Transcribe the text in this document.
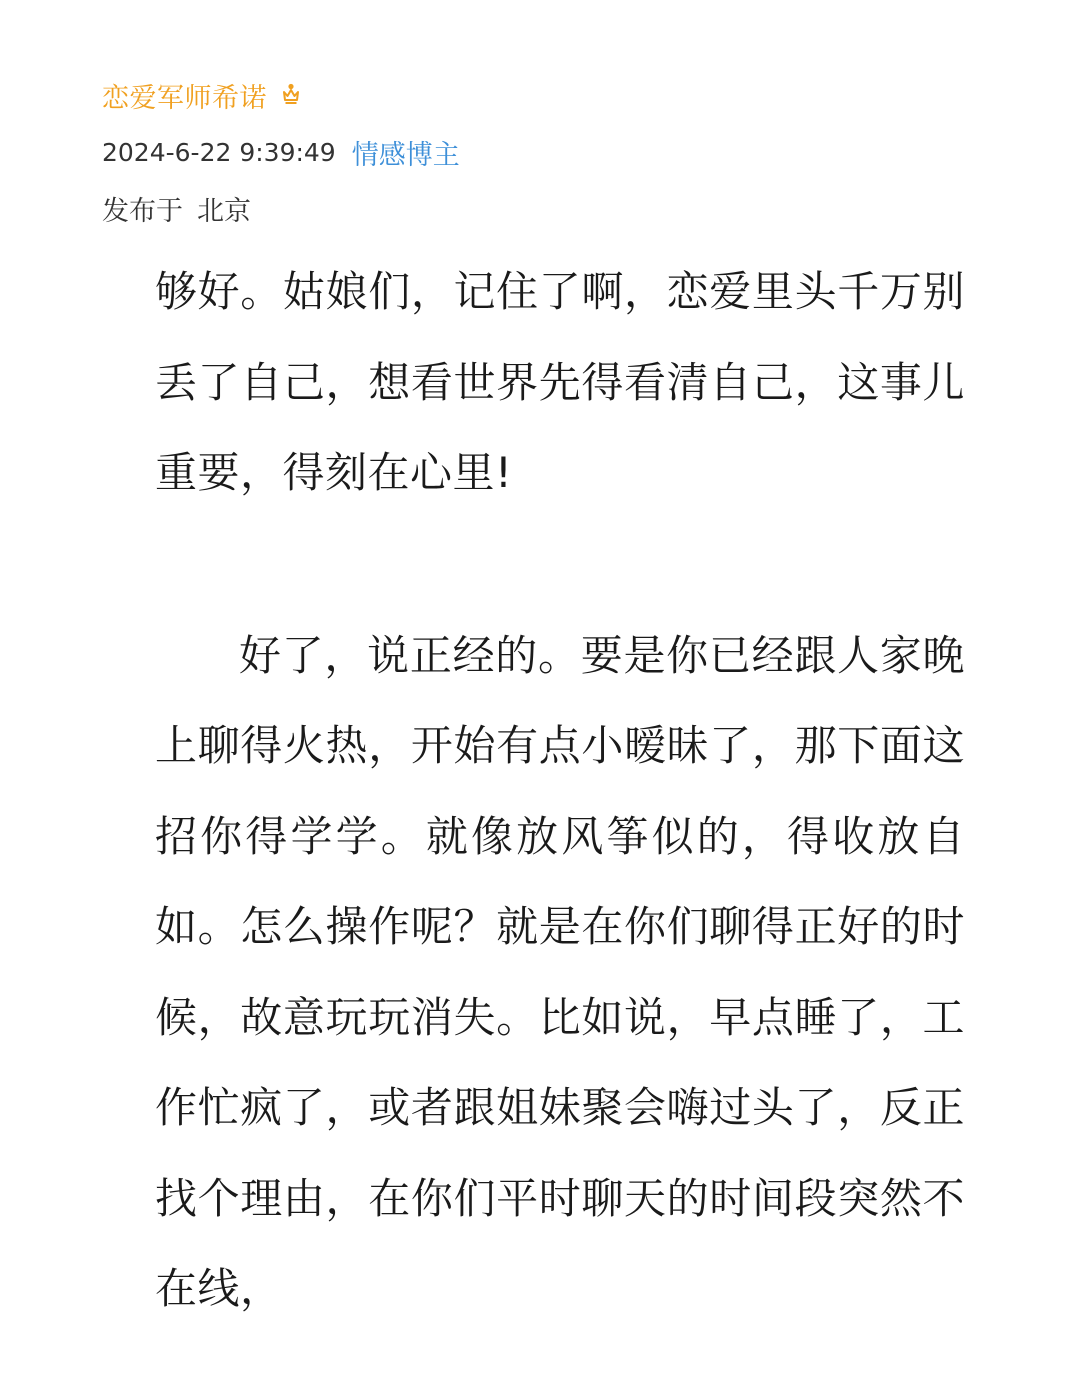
恋爱军师希诺
2024-6-22 9:39:49 情感博主
发布于 北京

够好。姑娘们，记住了啊，恋爱里头千万别丢了自己，想看世界先得看清自己，这事儿重要，得刻在心里!

好了，说正经的。要是你已经跟人家晚上聊得火热，开始有点小暧昧了，那下面这招你得学学。就像放风筝似的，得收放自如。怎么操作呢？就是在你们聊得正好的时候，故意玩玩消失。比如说，早点睡了，工作忙疯了，或者跟姐妹聚会嗨过头了，反正找个理由，在你们平时聊天的时间段突然不在线，
